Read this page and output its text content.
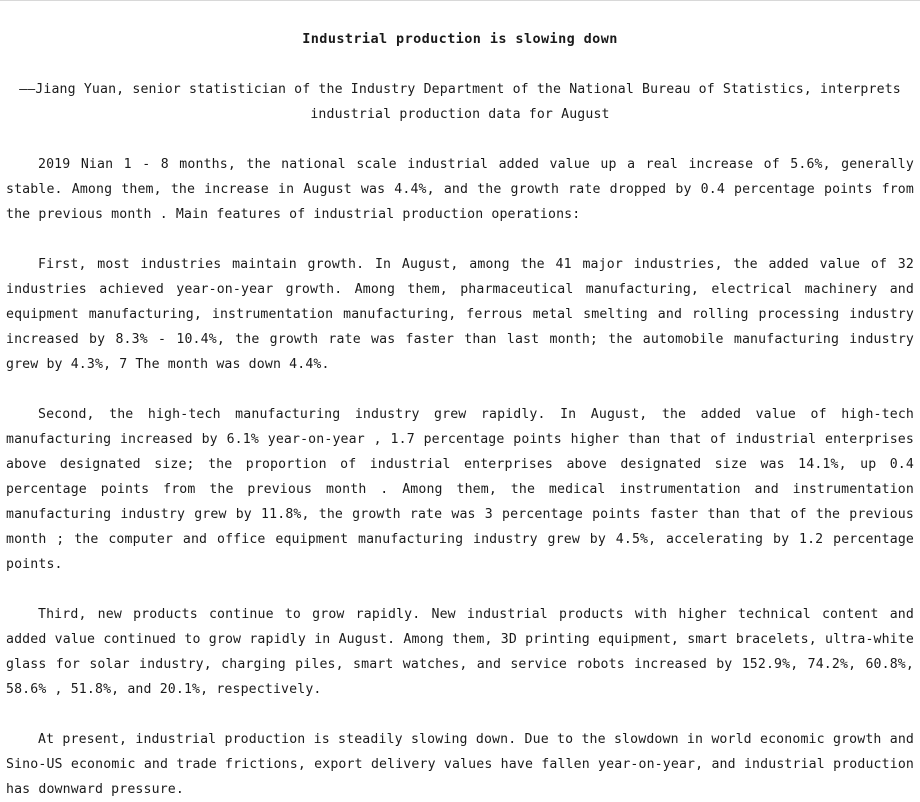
Industrial production is slowing down
——Jiang Yuan, senior statistician of the Industry Department of the National Bureau of Statistics, interprets industrial production data for August

2019 Nian 1 - 8 months, the national scale industrial added value up a real increase of 5.6%, generally stable. Among them, the increase in August was 4.4%, and the growth rate dropped by 0.4 percentage points from the previous month . Main features of industrial production operations:

First, most industries maintain growth. In August, among the 41 major industries, the added value of 32 industries achieved year-on-year growth. Among them, pharmaceutical manufacturing, electrical machinery and equipment manufacturing, instrumentation manufacturing, ferrous metal smelting and rolling processing industry increased by 8.3% - 10.4%, the growth rate was faster than last month; the automobile manufacturing industry grew by 4.3%, 7 The month was down 4.4%.

Second, the high-tech manufacturing industry grew rapidly. In August, the added value of high-tech manufacturing increased by 6.1% year-on-year , 1.7 percentage points higher than that of industrial enterprises above designated size; the proportion of industrial enterprises above designated size was 14.1%, up 0.4 percentage points from the previous month . Among them, the medical instrumentation and instrumentation manufacturing industry grew by 11.8%, the growth rate was 3 percentage points faster than that of the previous month ; the computer and office equipment manufacturing industry grew by 4.5%, accelerating by 1.2 percentage points.

Third, new products continue to grow rapidly. New industrial products with higher technical content and added value continued to grow rapidly in August. Among them, 3D printing equipment, smart bracelets, ultra-white glass for solar industry, charging piles, smart watches, and service robots increased by 152.9%, 74.2%, 60.8%, 58.6% , 51.8%, and 20.1%, respectively.

At present, industrial production is steadily slowing down. Due to the slowdown in world economic growth and Sino-US economic and trade frictions, export delivery values have fallen year-on-year, and industrial production has downward pressure.
